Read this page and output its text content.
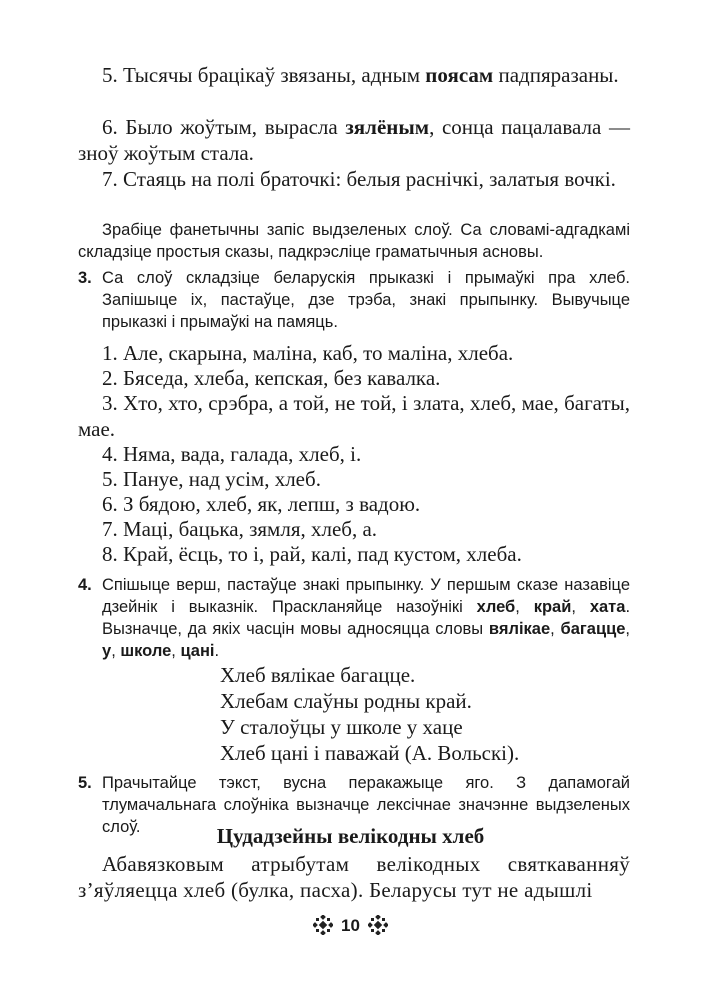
5. Тысячы брацікаў звязаны, адным поясам падпяразаны.

6. Было жоўтым, вырасла зялёным, сонца пацалавала — зноў жоўтым стала.

7. Стаяць на полі браточкі: белыя раснічкі, залатыя вочкі.

Зрабіце фанетычны запіс выдзеленых слоў. Са словамі-адгадкамі складзіце простыя сказы, падкрэсліце граматычныя асновы.

3. Са слоў складзіце беларускія прыказкі і прымаўкі пра хлеб. Запішыце іх, пастаўце, дзе трэба, знакі прыпынку. Вывучыце прыказкі і прымаўкі на памяць.

1. Але, скарына, маліна, каб, то маліна, хлеба.

2. Бяседа, хлеба, кепская, без кавалка.

3. Хто, хто, срэбра, а той, не той, і злата, хлеб, мае, багаты, мае.

4. Няма, вада, галада, хлеб, і.

5. Пануе, над усім, хлеб.

6. З бядою, хлеб, як, лепш, з вадою.

7. Маці, бацька, зямля, хлеб, а.

8. Край, ёсць, то і, рай, калі, пад кустом, хлеба.

4. Спішыце верш, пастаўце знакі прыпынку. У першым сказе назавіце дзейнік і выказнік. Праскланяйце назоўнікі хлеб, край, хата. Вызначце, да якіх часцін мовы адносяцца словы вялікае, багацце, у, школе, цані.
Хлеб вялікае багацце.
Хлебам слаўны родны край.
У сталоўцы у школе у хаце
Хлеб цані і паважай (А. Вольскі).
5. Прачытайце тэкст, вусна перакажыце яго. З дапамогай тлумачальнага слоўніка вызначце лексічнае значэнне выдзеленых слоў.	Цудадзейны велікодны хлеб

Абавязковым атрыбутам велікодных святкаванняў з’яўляецца хлеб (булка, пасха). Беларусы тут не адышлі

10
